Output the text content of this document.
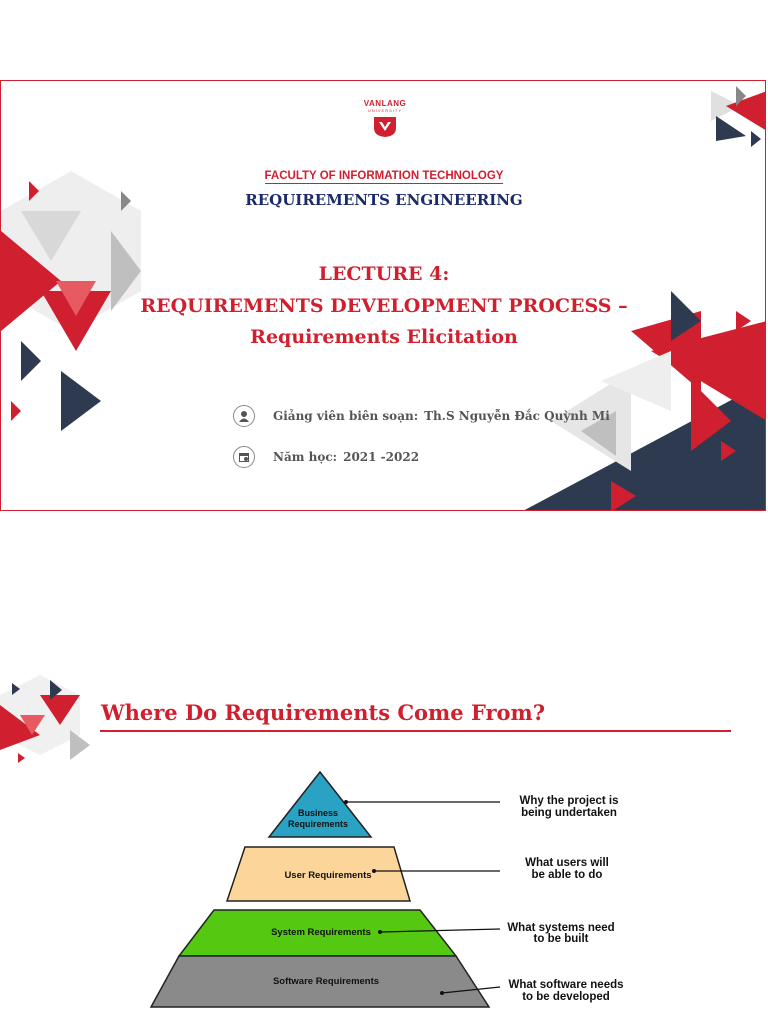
VANLANG
UNIVERSITY
FACULTY OF INFORMATION TECHNOLOGY
REQUIREMENTS ENGINEERING
LECTURE 4:
REQUIREMENTS DEVELOPMENT PROCESS –
Requirements Elicitation
Giảng viên biên soạn: Th.S Nguyễn Đắc Quỳnh Mi
Năm học: 2021 -2022
Where Do Requirements Come From?
Business
Requirements
User Requirements
System Requirements
Software Requirements
Why the project is
being undertaken
What users will
be able to do
What systems need
to be built
What software needs
to be developed
